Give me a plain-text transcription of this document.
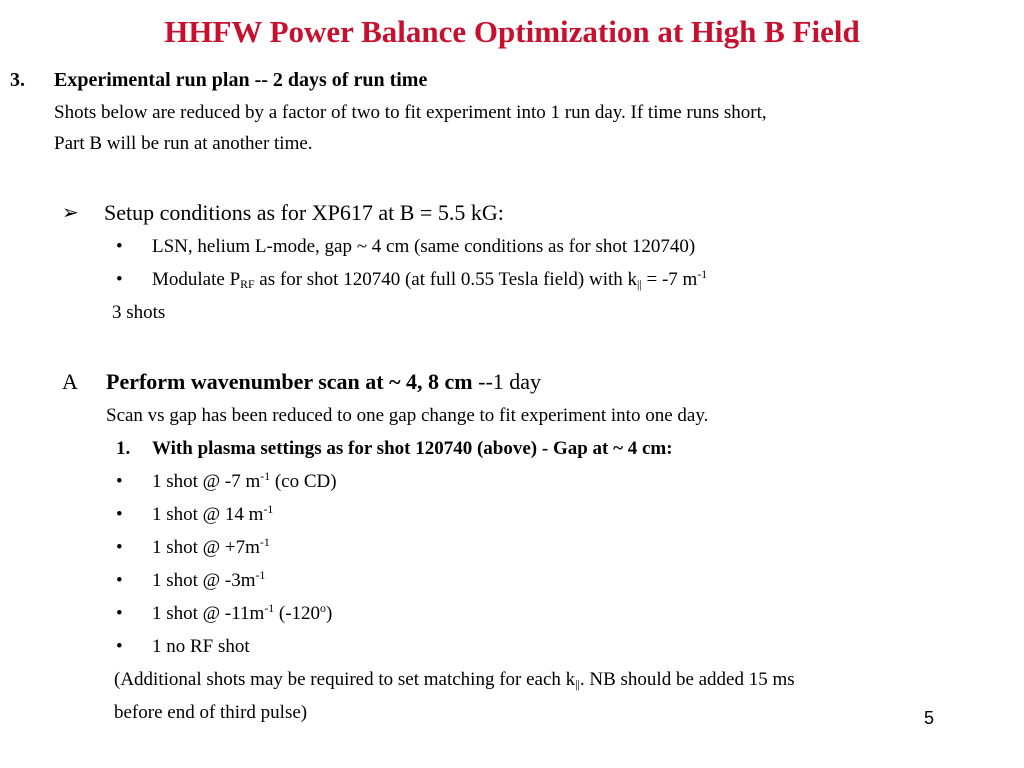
HHFW Power Balance Optimization at High B Field
3. Experimental run plan -- 2 days of run time
Shots below are reduced by a factor of two to fit experiment into 1 run day. If time runs short,
Part B will be run at another time.
➢ Setup conditions as for XP617 at B = 5.5 kG:
• LSN, helium L-mode, gap ~ 4 cm (same conditions as for shot 120740)
• Modulate $P_{RF}$ as for shot 120740 (at full 0.55 Tesla field) with $k_{||} = -7$ $m^{-1}$
3 shots
A Perform wavenumber scan at ~ 4, 8 cm --1 day
Scan vs gap has been reduced to one gap change to fit experiment into one day.
1. With plasma settings as for shot 120740 (above) - Gap at ~ 4 cm:
• 1 shot @ -7 $m^{-1}$ (co CD)
• 1 shot @ 14 $m^{-1}$
• 1 shot @ $+7m^{-1}$
• 1 shot @ $-3m^{-1}$
• 1 shot @ $-11m^{-1}$ (-120$^o$)
• 1 no RF shot
(Additional shots may be required to set matching for each $k_{||}$. NB should be added 15 ms
before end of third pulse)	5
